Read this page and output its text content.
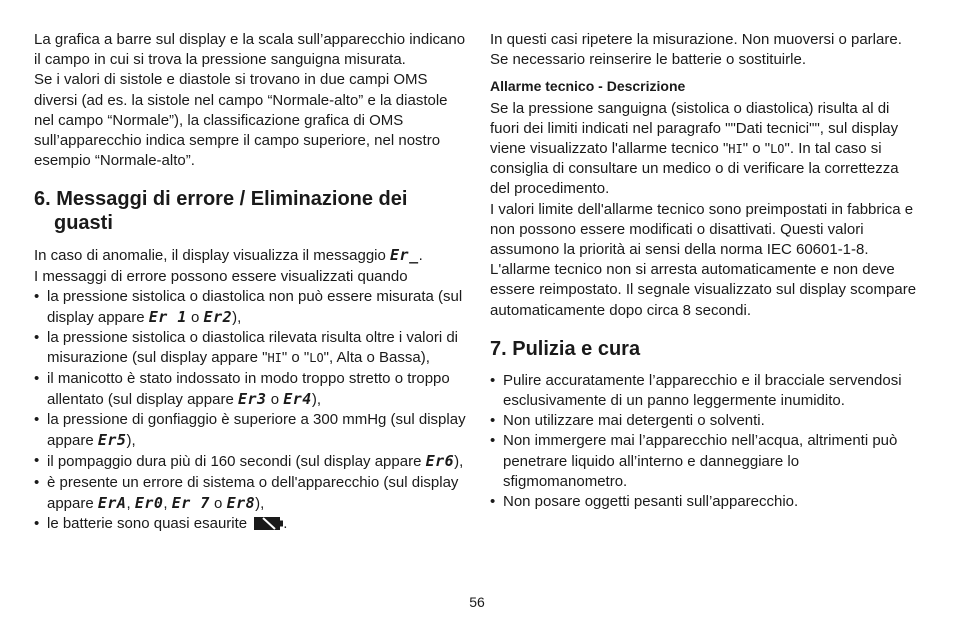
La grafica a barre sul display e la scala sull’apparecchio indicano il campo in cui si trova la pressione sanguigna misurata.

Se i valori di sistole e diastole si trovano in due campi OMS diversi (ad es. la sistole nel campo “Normale-alto” e la diastole nel campo “Normale”), la classificazione grafica di OMS sull’apparecchio indica sempre il campo superiore, nel nostro esempio “Normale-alto”.

6. Messaggi di errore / Eliminazione dei
guasti

In caso di anomalie, il display visualizza il messaggio Er_.

I messaggi di errore possono essere visualizzati quando

• la pressione sistolica o diastolica non può essere misurata (sul display appare Er 1 o Er2),
• la pressione sistolica o diastolica rilevata risulta oltre i valori di misurazione (sul display appare "HI" o "LO", Alta o Bassa),
• il manicotto è stato indossato in modo troppo stretto o troppo allentato (sul display appare Er3 o Er4),
• la pressione di gonfiaggio è superiore a 300 mmHg (sul display appare Er5),
• il pompaggio dura più di 160 secondi (sul display appare Er6),
• è presente un errore di sistema o dell'apparecchio (sul display appare ErA, Er0, Er 7 o Er8),
• le batterie sono quasi esaurite .

In questi casi ripetere la misurazione. Non muoversi o parlare. Se necessario reinserire le batterie o sostituirle.

Allarme tecnico - Descrizione

Se la pressione sanguigna (sistolica o diastolica) risulta al di fuori dei limiti indicati nel paragrafo ""Dati tecnici"", sul display viene visualizzato l'allarme tecnico "HI" o "LO". In tal caso si consiglia di consultare un medico o di verificare la correttezza del procedimento.

I valori limite dell'allarme tecnico sono preimpostati in fabbrica e non possono essere modificati o disattivati. Questi valori assumono la priorità ai sensi della norma IEC 60601-1-8.

L'allarme tecnico non si arresta automaticamente e non deve essere reimpostato. Il segnale visualizzato sul display scompare automaticamente dopo circa 8 secondi.

7. Pulizia e cura
• Pulire accuratamente l’apparecchio e il bracciale servendosi esclusivamente di un panno leggermente inumidito.
• Non utilizzare mai detergenti o solventi.
• Non immergere mai l’apparecchio nell’acqua, altrimenti può penetrare liquido all’interno e danneggiare lo sfigmomanometro.
• Non posare oggetti pesanti sull’apparecchio.
56
